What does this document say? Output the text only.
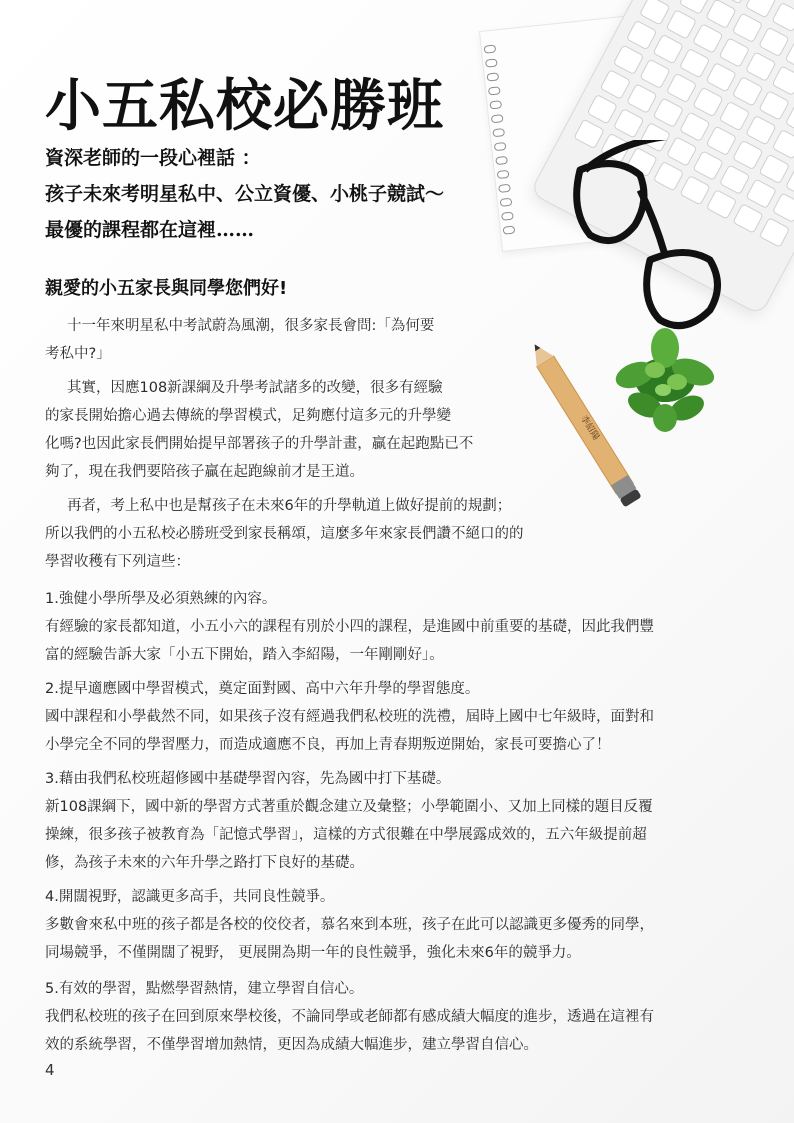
李紹陽
小五私校必勝班
資深老師的一段心裡話 ：
孩子未來考明星私中、公立資優、小桃子競試～
最優的課程都在這裡……
親愛的小五家長與同學您們好!
十一年來明星私中考試蔚為風潮，很多家長會問:「為何要
考私中?」
其實，因應108新課綱及升學考試諸多的改變，很多有經驗
的家長開始擔心過去傳統的學習模式，足夠應付這多元的升學變
化嗎?也因此家長們開始提早部署孩子的升學計畫，贏在起跑點已不
夠了，現在我們要陪孩子贏在起跑線前才是王道。
再者，考上私中也是幫孩子在未來6年的升學軌道上做好提前的規劃；
所以我們的小五私校必勝班受到家長稱頌，這麼多年來家長們讚不絕口的的
學習收穫有下列這些：
1.強健小學所學及必須熟練的內容。
有經驗的家長都知道，小五小六的課程有別於小四的課程，是進國中前重要的基礎，因此我們豐
富的經驗告訴大家「小五下開始，踏入李紹陽，一年剛剛好」。
2.提早適應國中學習模式，奠定面對國、高中六年升學的學習態度。
國中課程和小學截然不同，如果孩子沒有經過我們私校班的洗禮，屆時上國中七年級時，面對和
小學完全不同的學習壓力，而造成適應不良，再加上青春期叛逆開始，家長可要擔心了！
3.藉由我們私校班超修國中基礎學習內容，先為國中打下基礎。
新108課綱下，國中新的學習方式著重於觀念建立及彙整；小學範圍小、又加上同樣的題目反覆
操練，很多孩子被教育為「記憶式學習」，這樣的方式很難在中學展露成效的，五六年級提前超
修，為孩子未來的六年升學之路打下良好的基礎。
4.開闊視野，認識更多高手，共同良性競爭。
多數會來私中班的孩子都是各校的佼佼者，慕名來到本班，孩子在此可以認識更多優秀的同學，
同場競爭，不僅開闊了視野， 更展開為期一年的良性競爭，強化未來6年的競爭力。
5.有效的學習，點燃學習熱情，建立學習自信心。
我們私校班的孩子在回到原來學校後，不論同學或老師都有感成績大幅度的進步，透過在這裡有
效的系統學習，不僅學習增加熱情，更因為成績大幅進步，建立學習自信心。
4
